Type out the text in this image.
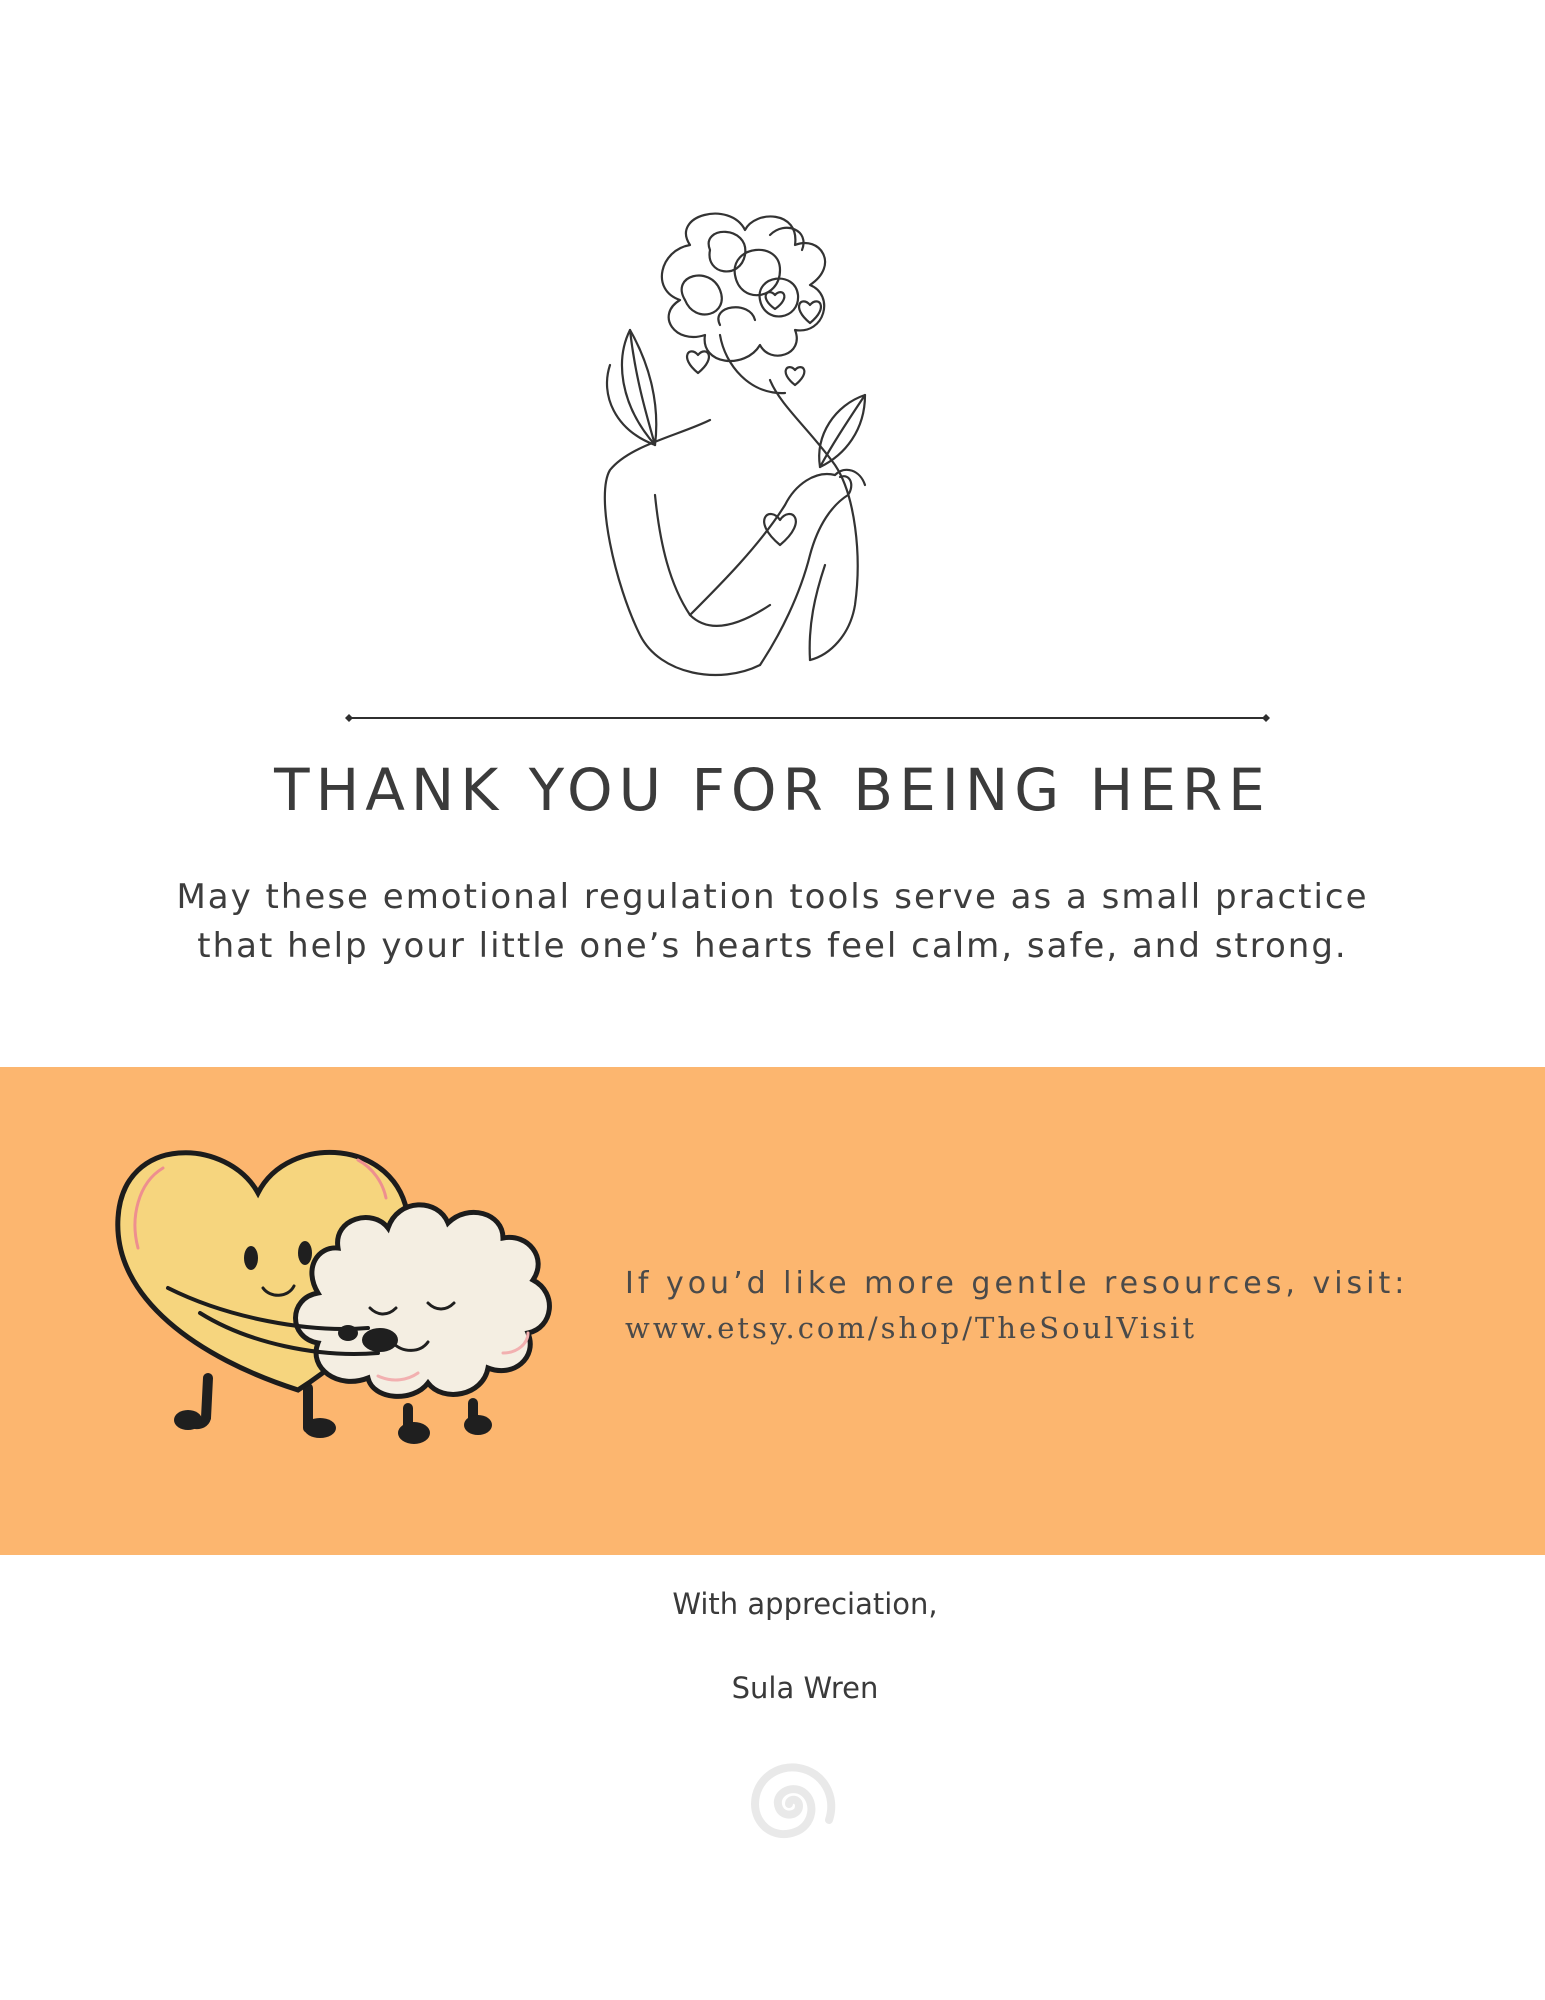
THANK YOU FOR BEING HERE

May these emotional regulation tools serve as a small practice
that help your little one’s hearts feel calm, safe, and strong.

If you’d like more gentle resources, visit:
www.etsy.com/shop/TheSoulVisit
With appreciation,
Sula Wren
